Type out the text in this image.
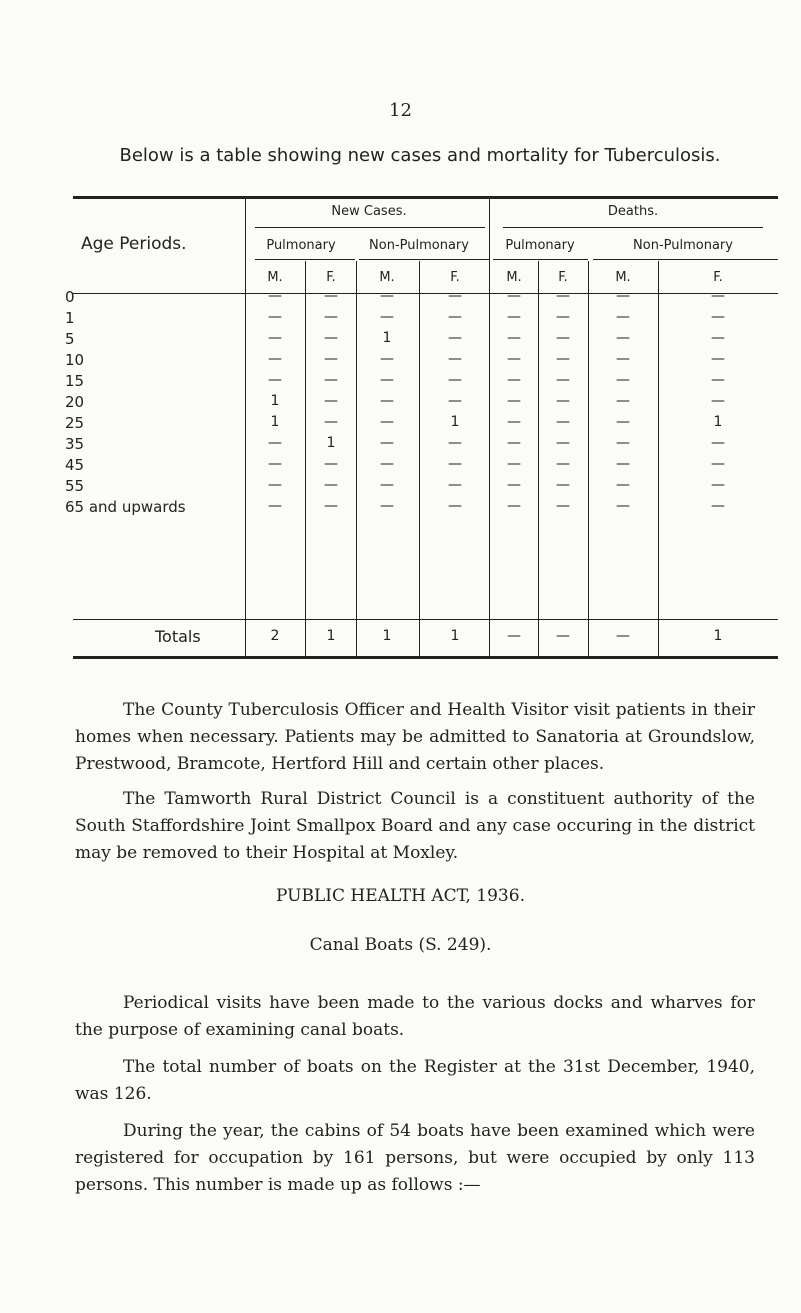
12
Below is a table showing new cases and mortality for Tuberculosis.
Age Periods.
New Cases.	Deaths.
Pulmonary	Non-Pulmonary	Pulmonary	Non-Pulmonary
M.	F.	M.	F.	M.	F.	M.	F.
0	—	—	—	—	—	—	—	—
1	—	—	—	—	—	—	—	—
5	—	—	1	—	—	—	—	—
10	—	—	—	—	—	—	—	—
15	—	—	—	—	—	—	—	—
20	1	—	—	—	—	—	—	—
25	1	—	—	1	—	—	—	1
35	—	1	—	—	—	—	—	—
45	—	—	—	—	—	—	—	—
55	—	—	—	—	—	—	—	—
65 and upwards	—	—	—	—	—	—	—	—
Totals	2	1	1	1	—	—	—	1
The County Tuberculosis Officer and Health Visitor visit patients in their homes when necessary. Patients may be admitted to Sanatoria at Groundslow, Prestwood, Bramcote, Hertford Hill and certain other places.
The Tamworth Rural District Council is a constituent authority of the South Staffordshire Joint Smallpox Board and any case occuring in the district may be removed to their Hospital at Moxley.
PUBLIC HEALTH ACT, 1936.
Canal Boats (S. 249).
Periodical visits have been made to the various docks and wharves for the purpose of examining canal boats.
The total number of boats on the Register at the 31st December, 1940, was 126.
During the year, the cabins of 54 boats have been examined which were registered for occupation by 161 persons, but were occupied by only 113 persons. This number is made up as follows :—
